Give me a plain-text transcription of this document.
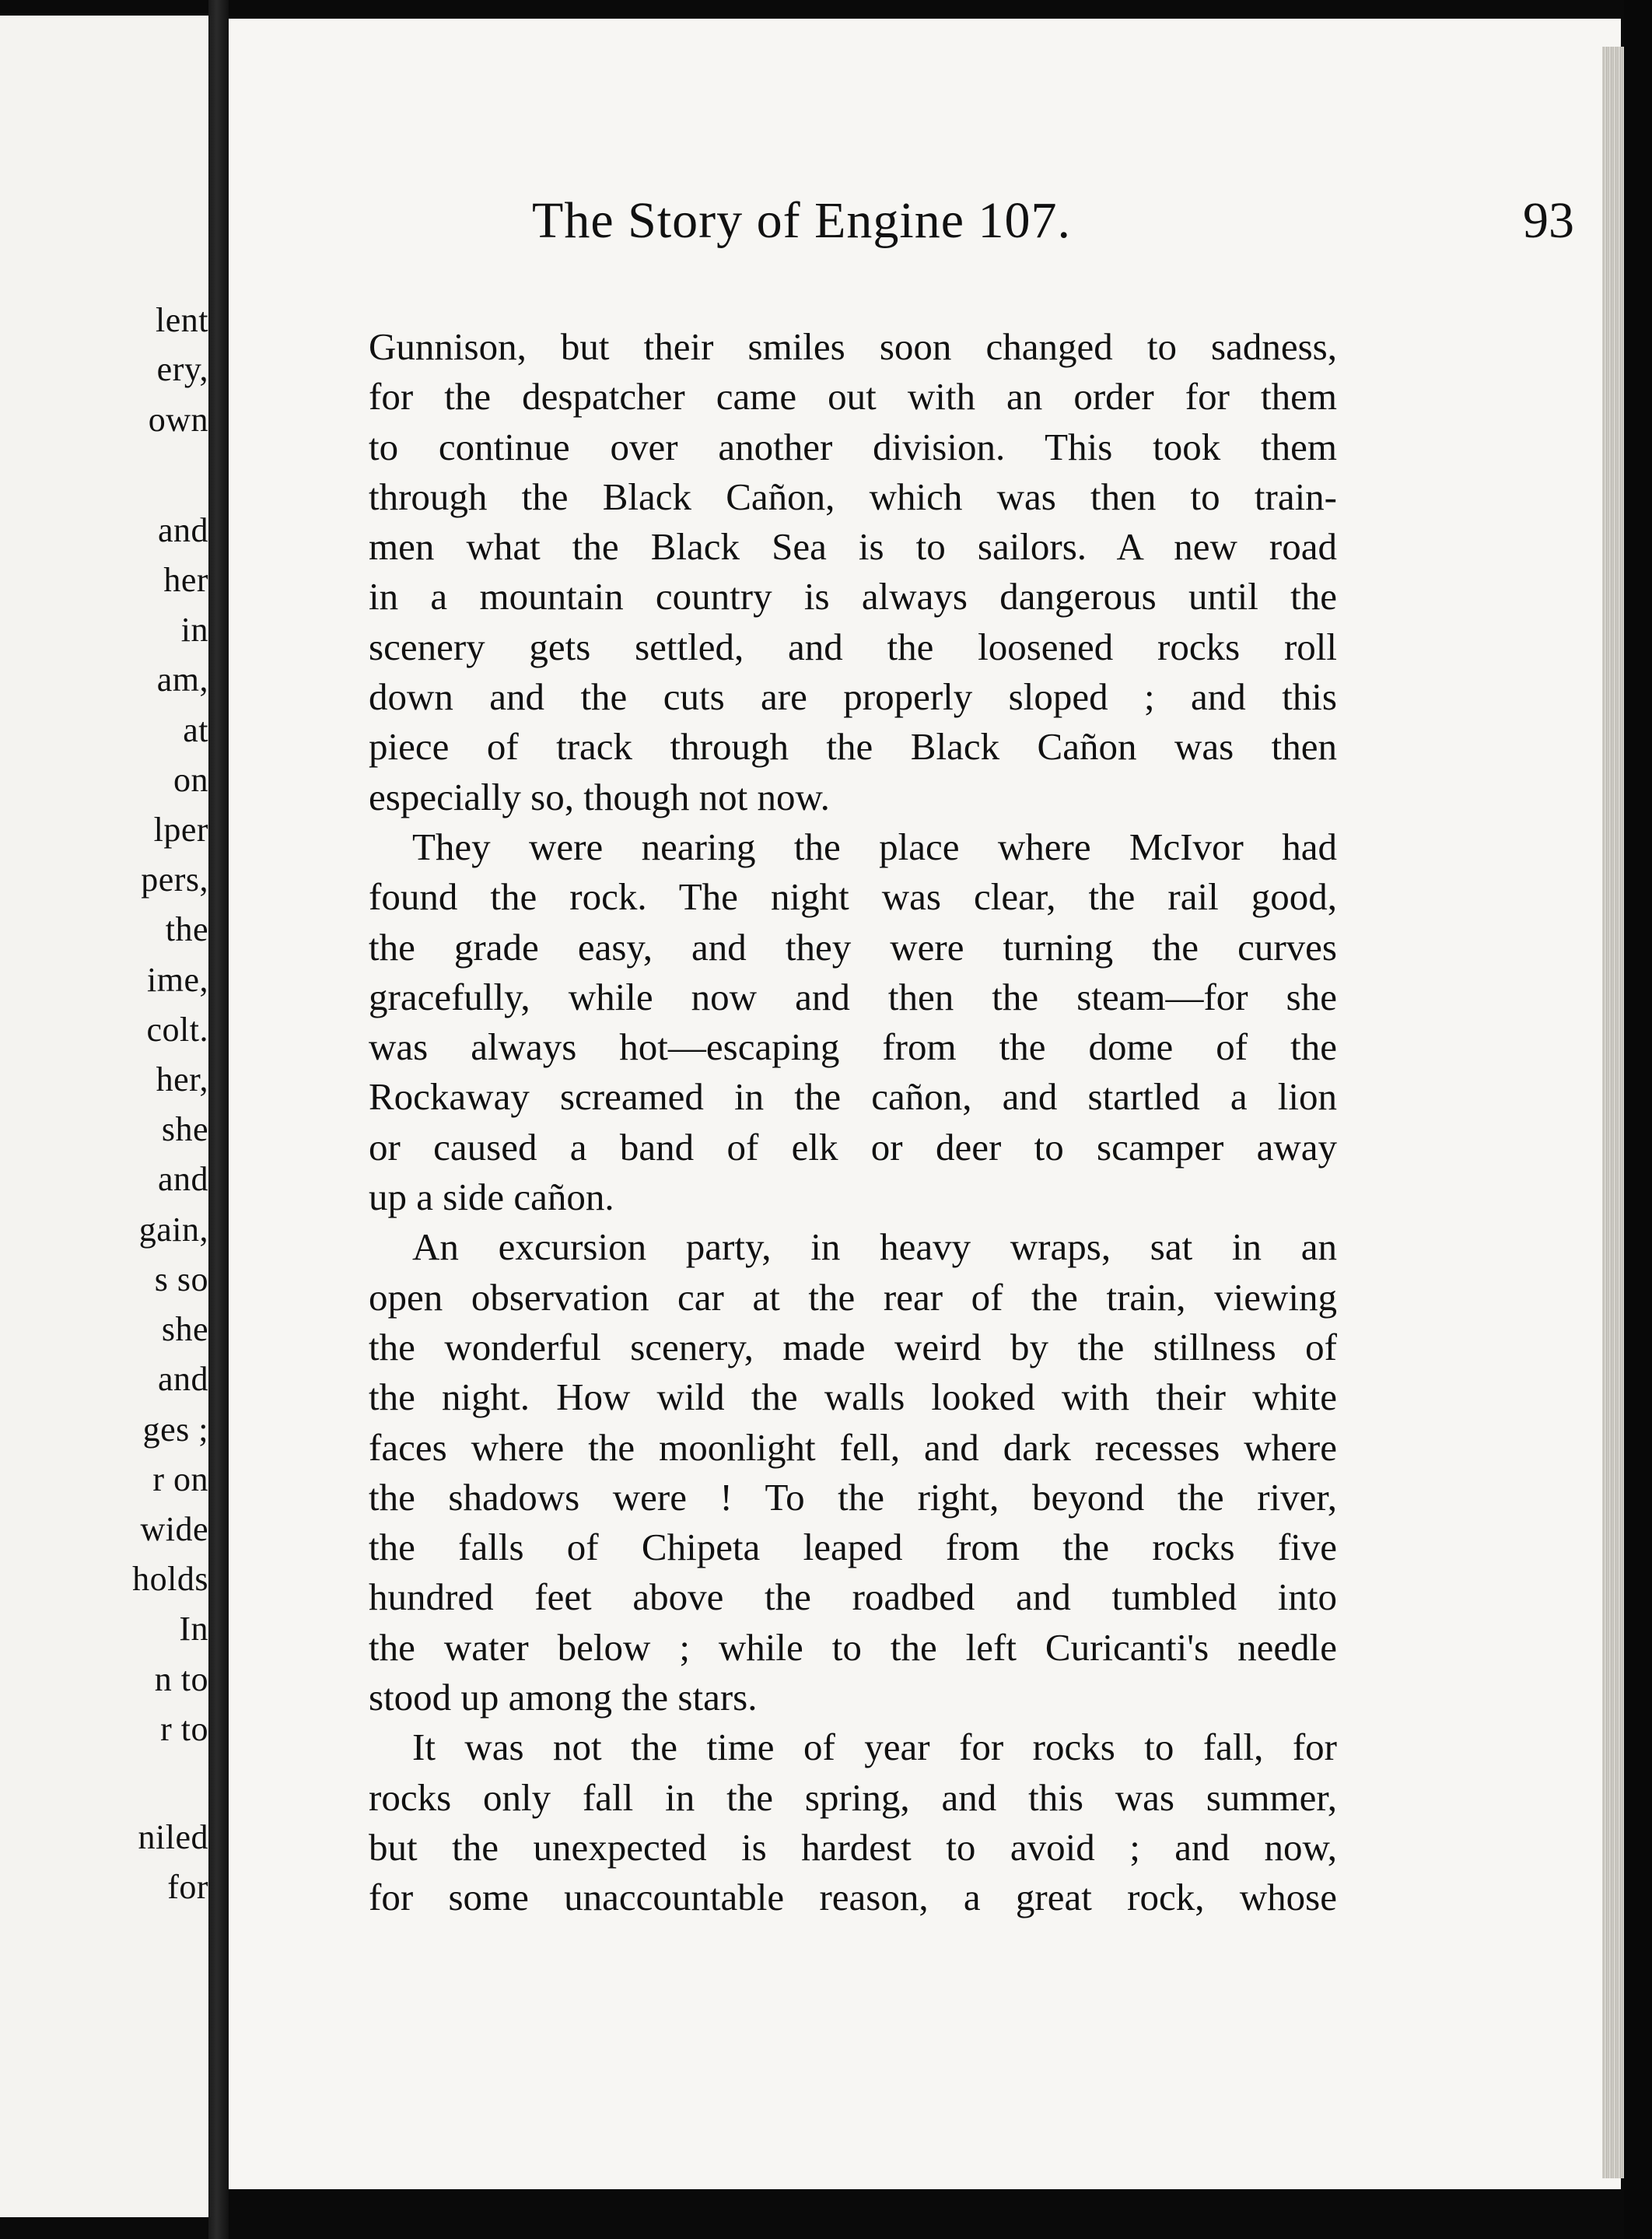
lent
ery,
own
and
her
in
am,
at
on
lper
pers,
the
ime,
colt.
her,
she
and
gain,
s so
she
and
ges ;
r on
wide
holds
In
n to
r to
niled
for
The Story of Engine 107.	93
Gunnison, but their smiles soon changed to sadness,
for the despatcher came out with an order for them
to continue over another division. This took them
through the Black Cañon, which was then to train-
men what the Black Sea is to sailors. A new road
in a mountain country is always dangerous until the
scenery gets settled, and the loosened rocks roll
down and the cuts are properly sloped ; and this
piece of track through the Black Cañon was then
especially so, though not now.
They were nearing the place where McIvor had
found the rock. The night was clear, the rail good,
the grade easy, and they were turning the curves
gracefully, while now and then the steam—for she
was always hot—escaping from the dome of the
Rockaway screamed in the cañon, and startled a lion
or caused a band of elk or deer to scamper away
up a side cañon.
An excursion party, in heavy wraps, sat in an
open observation car at the rear of the train, viewing
the wonderful scenery, made weird by the stillness of
the night. How wild the walls looked with their white
faces where the moonlight fell, and dark recesses where
the shadows were ! To the right, beyond the river,
the falls of Chipeta leaped from the rocks five
hundred feet above the roadbed and tumbled into
the water below ; while to the left Curicanti's needle
stood up among the stars.
It was not the time of year for rocks to fall, for
rocks only fall in the spring, and this was summer,
but the unexpected is hardest to avoid ; and now,
for some unaccountable reason, a great rock, whose
